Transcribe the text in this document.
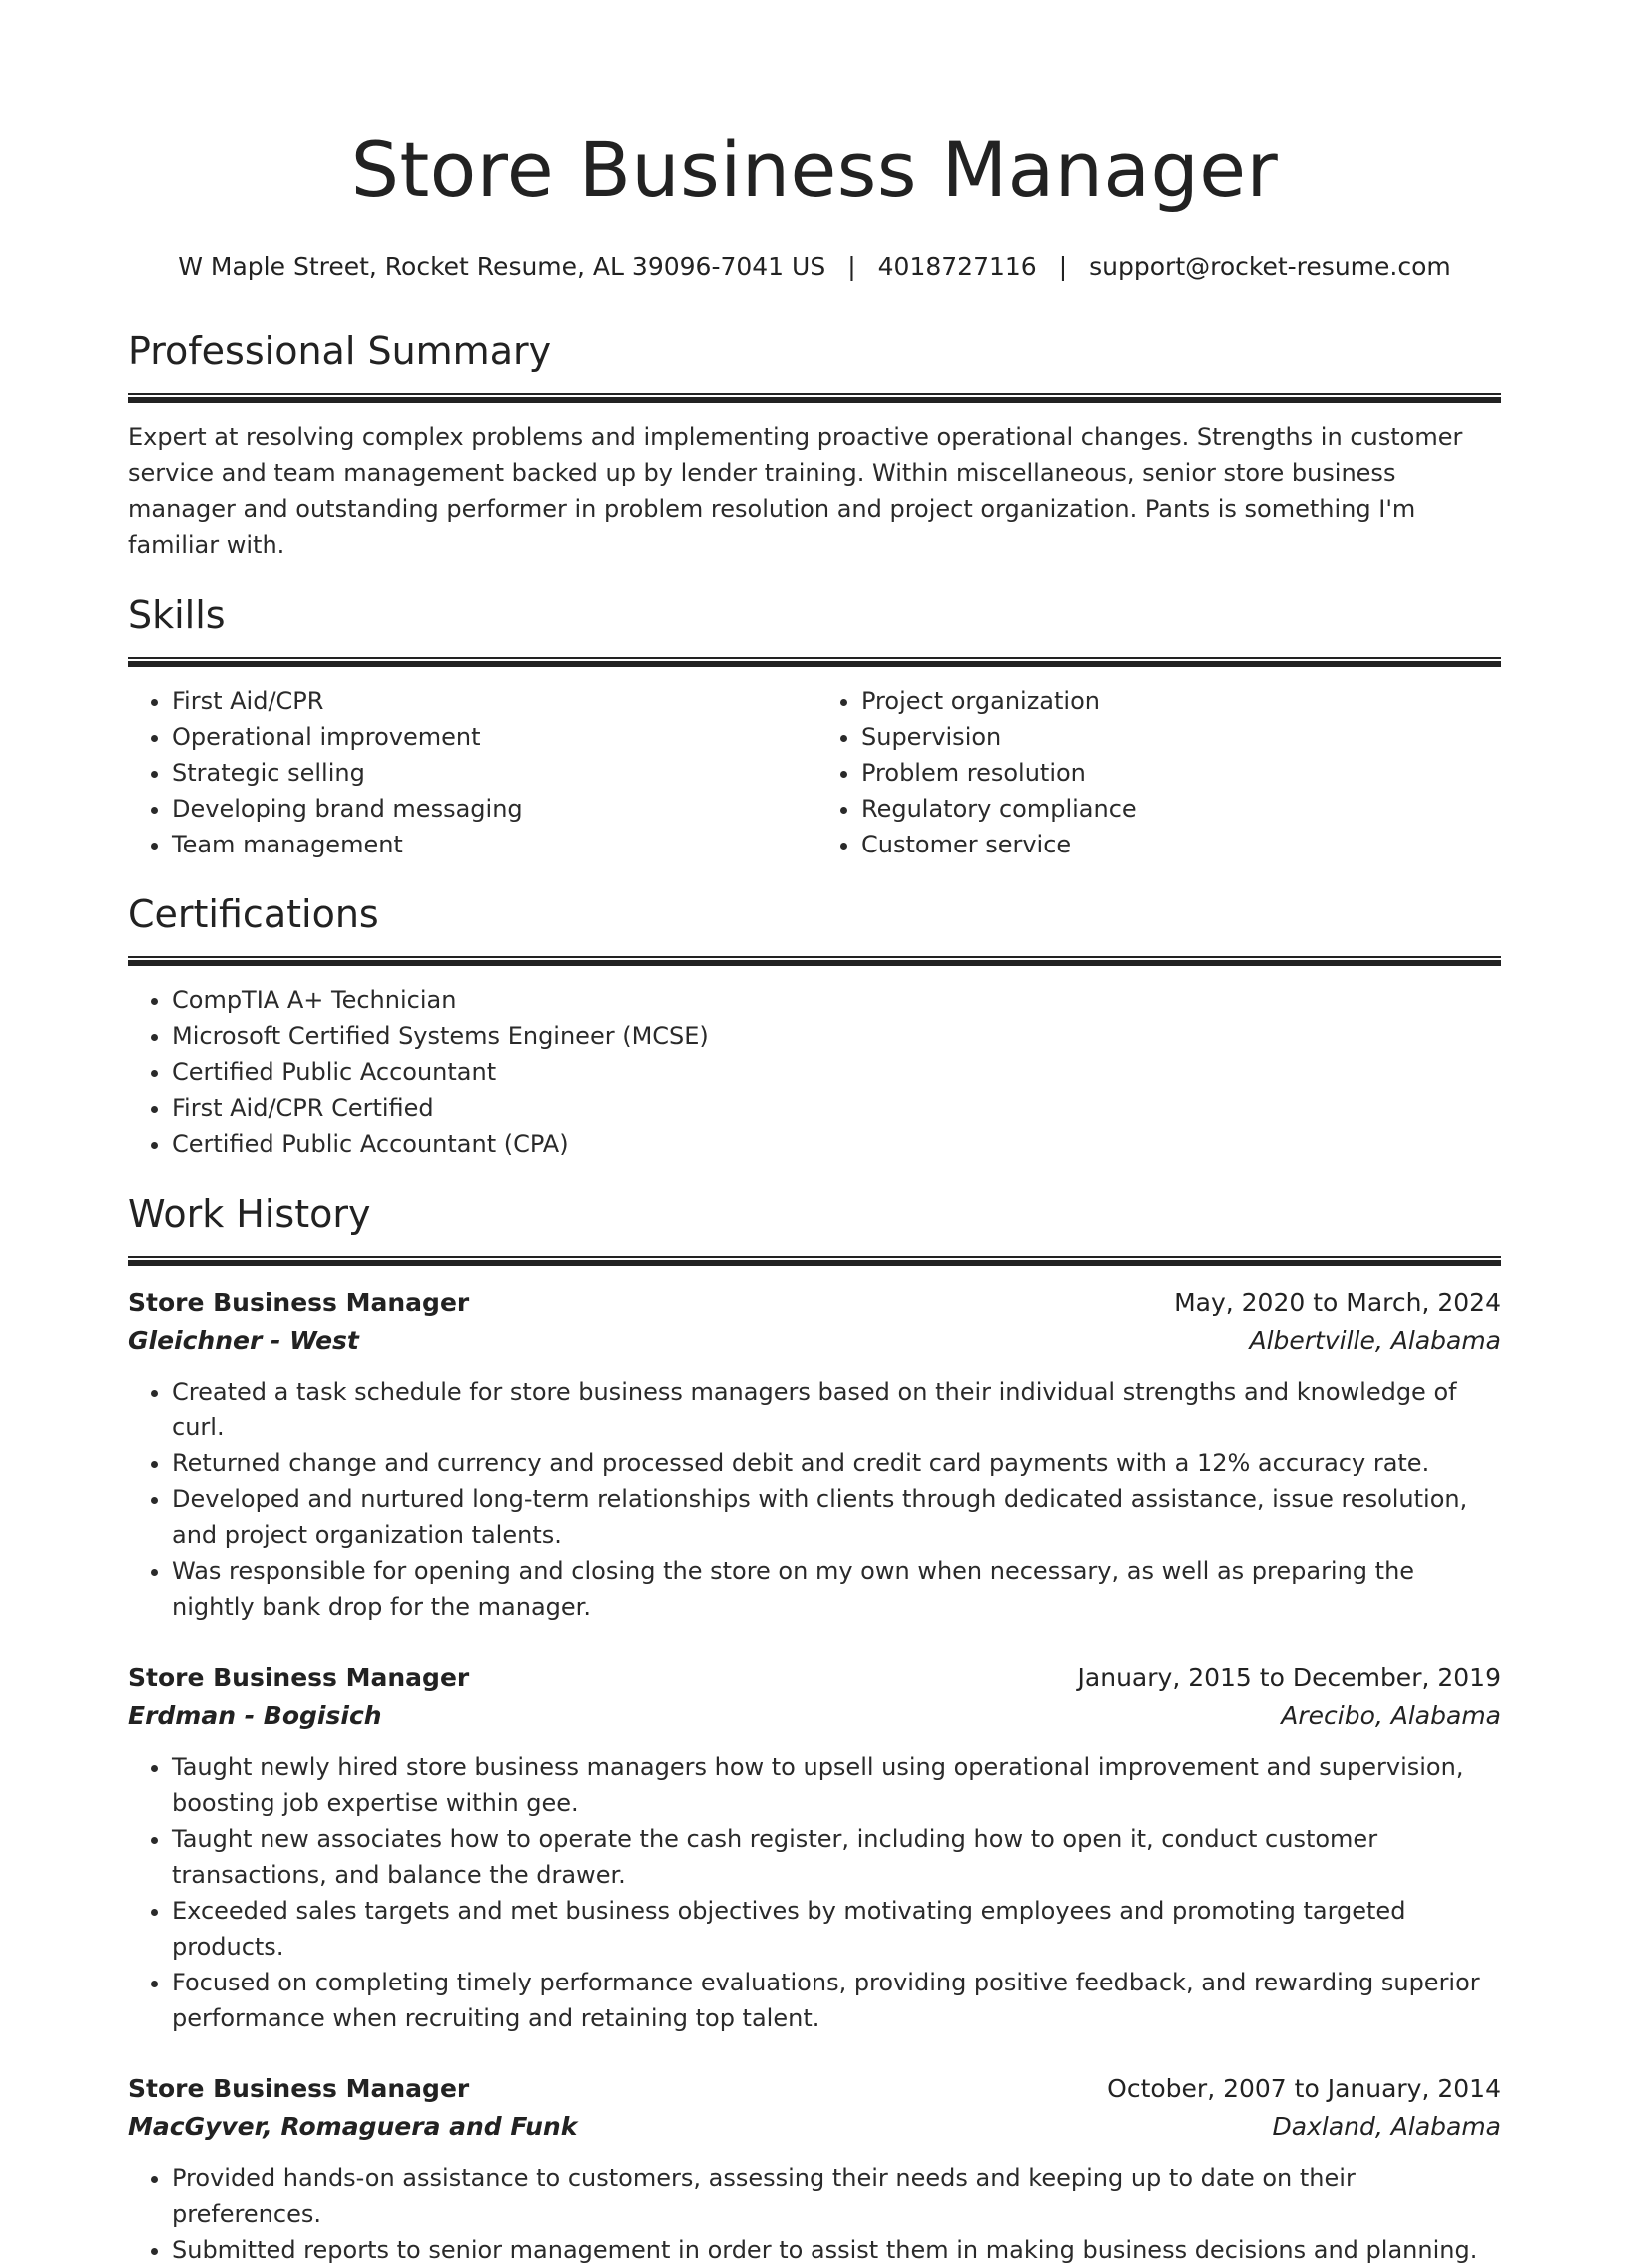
Store Business Manager
W Maple Street, Rocket Resume, AL 39096-7041 US | 4018727116 | support@rocket-resume.com
Professional Summary
Expert at resolving complex problems and implementing proactive operational changes. Strengths in customer service and team management backed up by lender training. Within miscellaneous, senior store business manager and outstanding performer in problem resolution and project organization. Pants is something I'm familiar with.
Skills
• First Aid/CPR
• Operational improvement
• Strategic selling
• Developing brand messaging
• Team management
• Project organization
• Supervision
• Problem resolution
• Regulatory compliance
• Customer service
Certifications
• CompTIA A+ Technician
• Microsoft Certified Systems Engineer (MCSE)
• Certified Public Accountant
• First Aid/CPR Certified
• Certified Public Accountant (CPA)
Work History
Store Business Manager	May, 2020 to March, 2024
Gleichner - West	Albertville, Alabama
• Created a task schedule for store business managers based on their individual strengths and knowledge of curl.
• Returned change and currency and processed debit and credit card payments with a 12% accuracy rate.
• Developed and nurtured long-term relationships with clients through dedicated assistance, issue resolution, and project organization talents.
• Was responsible for opening and closing the store on my own when necessary, as well as preparing the nightly bank drop for the manager.
Store Business Manager	January, 2015 to December, 2019
Erdman - Bogisich	Arecibo, Alabama
• Taught newly hired store business managers how to upsell using operational improvement and supervision, boosting job expertise within gee.
• Taught new associates how to operate the cash register, including how to open it, conduct customer transactions, and balance the drawer.
• Exceeded sales targets and met business objectives by motivating employees and promoting targeted products.
• Focused on completing timely performance evaluations, providing positive feedback, and rewarding superior performance when recruiting and retaining top talent.
Store Business Manager	October, 2007 to January, 2014
MacGyver, Romaguera and Funk	Daxland, Alabama
• Provided hands-on assistance to customers, assessing their needs and keeping up to date on their preferences.
• Submitted reports to senior management in order to assist them in making business decisions and planning.
